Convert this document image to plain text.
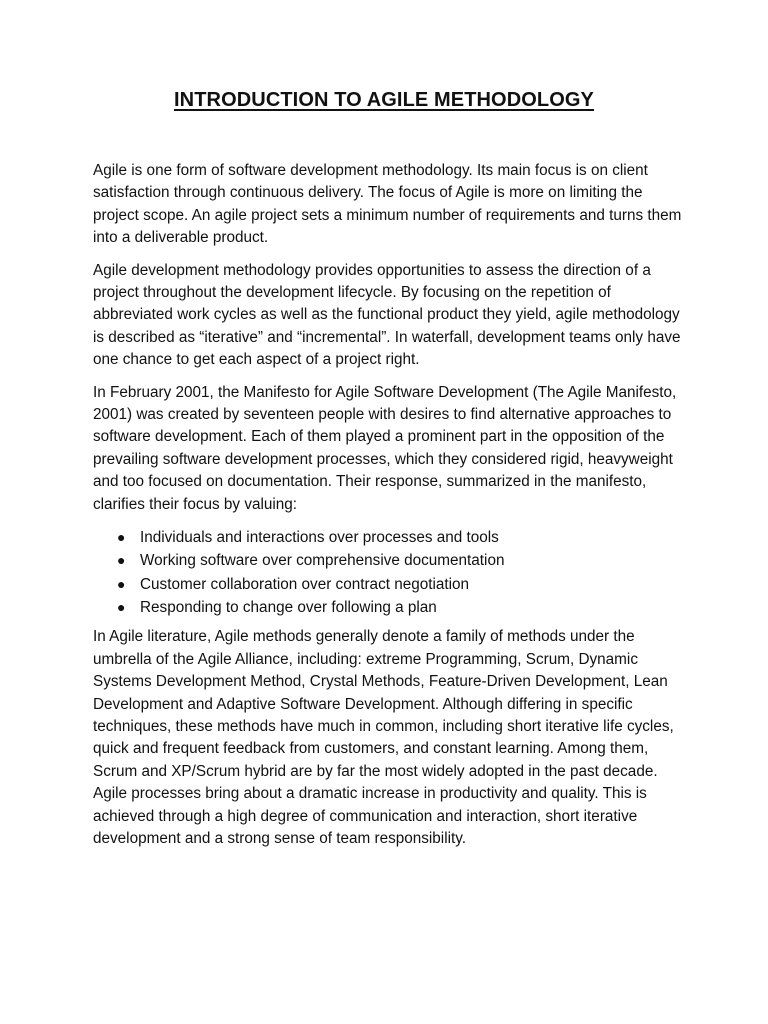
INTRODUCTION TO AGILE METHODOLOGY

Agile is one form of software development methodology. Its main focus is on client satisfaction through continuous delivery. The focus of Agile is more on limiting the project scope. An agile project sets a minimum number of requirements and turns them into a deliverable product.

Agile development methodology provides opportunities to assess the direction of a project throughout the development lifecycle. By focusing on the repetition of abbreviated work cycles as well as the functional product they yield, agile methodology is described as “iterative” and “incremental”. In waterfall, development teams only have one chance to get each aspect of a project right.

In February 2001, the Manifesto for Agile Software Development (The Agile Manifesto, 2001) was created by seventeen people with desires to find alternative approaches to software development. Each of them played a prominent part in the opposition of the prevailing software development processes, which they considered rigid, heavyweight and too focused on documentation. Their response, summarized in the manifesto, clarifies their focus by valuing:

● Individuals and interactions over processes and tools
● Working software over comprehensive documentation
● Customer collaboration over contract negotiation
● Responding to change over following a plan

In Agile literature, Agile methods generally denote a family of methods under the umbrella of the Agile Alliance, including: extreme Programming, Scrum, Dynamic Systems Development Method, Crystal Methods, Feature-Driven Development, Lean Development and Adaptive Software Development. Although differing in specific techniques, these methods have much in common, including short iterative life cycles, quick and frequent feedback from customers, and constant learning. Among them, Scrum and XP/Scrum hybrid are by far the most widely adopted in the past decade. Agile processes bring about a dramatic increase in productivity and quality. This is achieved through a high degree of communication and interaction, short iterative development and a strong sense of team responsibility.
